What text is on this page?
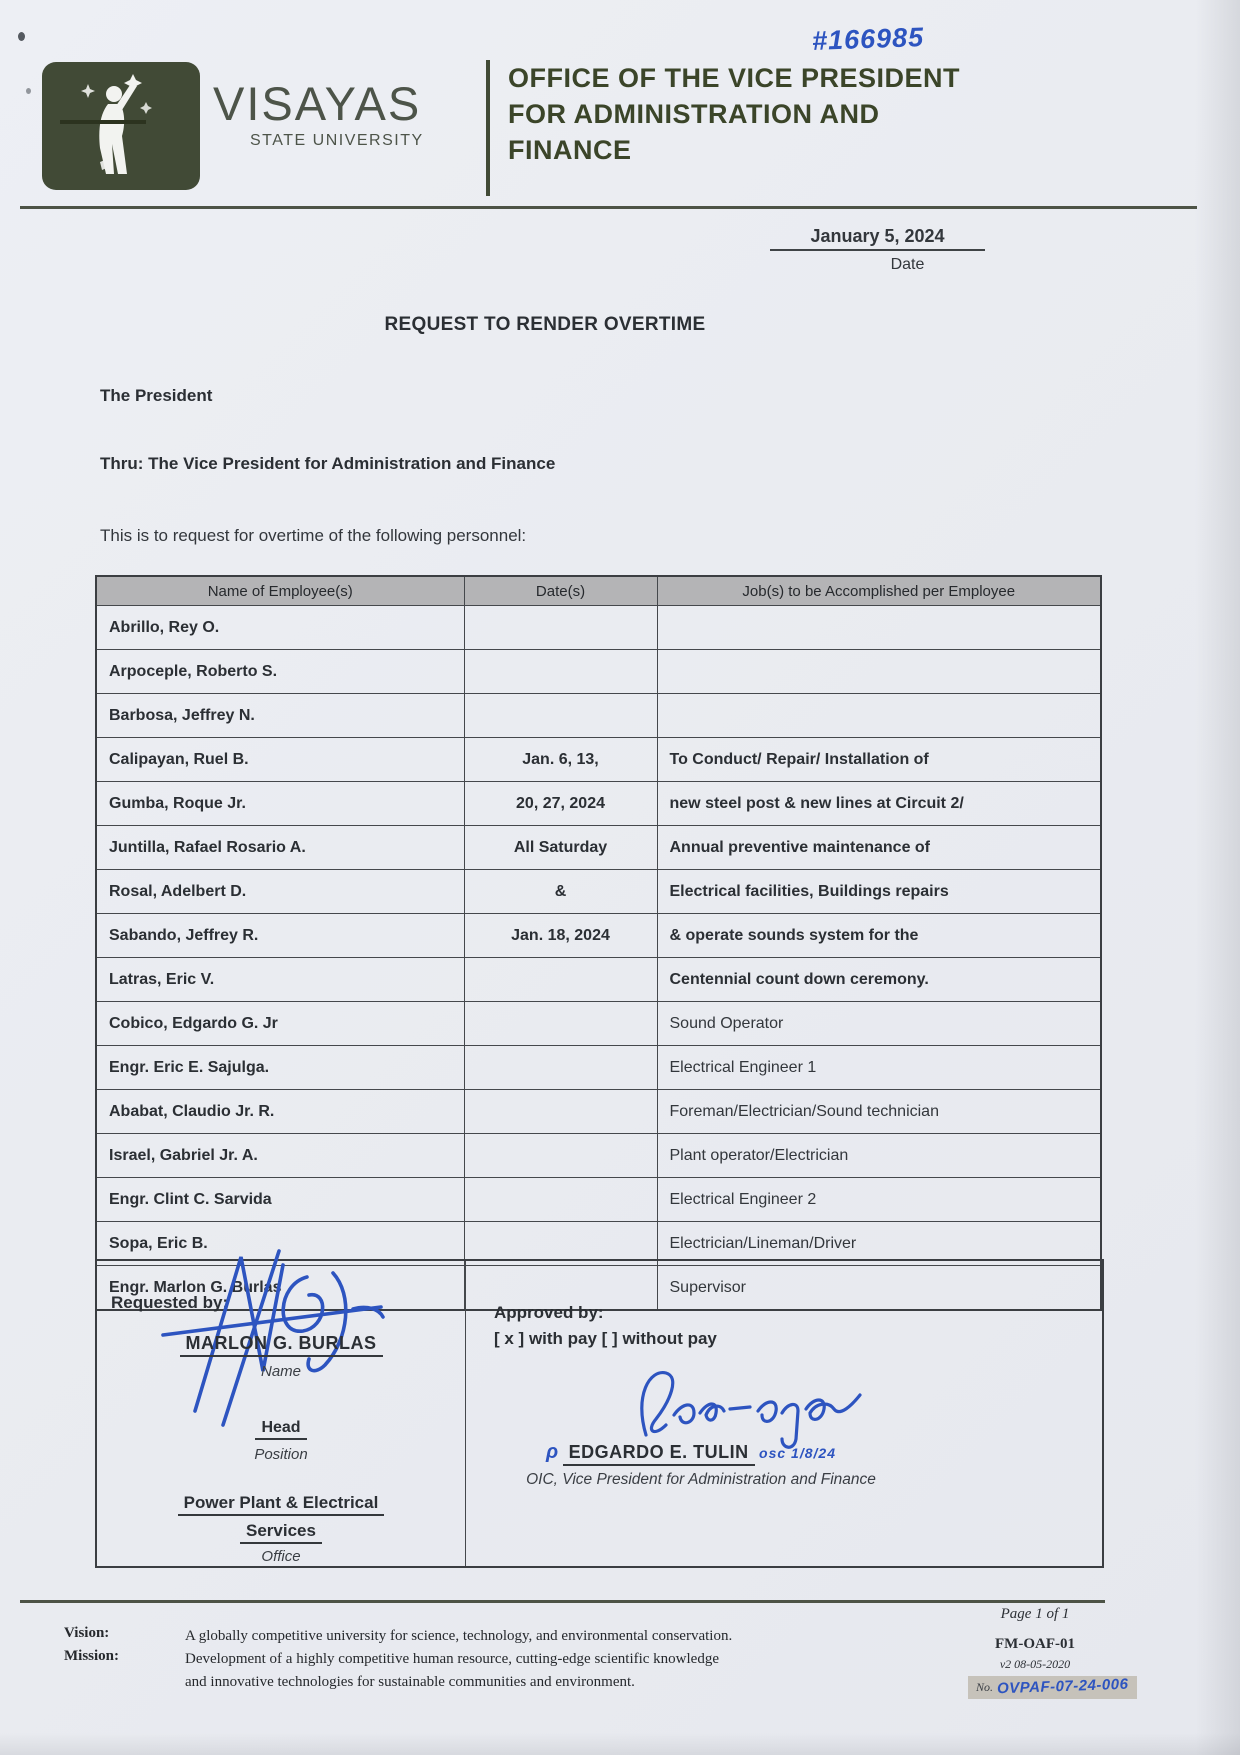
#166985
VISAYAS
STATE UNIVERSITY
OFFICE OF THE VICE PRESIDENT
FOR ADMINISTRATION AND
FINANCE
January 5, 2024
Date
REQUEST TO RENDER OVERTIME
The President
Thru: The Vice President for Administration and Finance
This is to request for overtime of the following personnel:
Name of Employee(s)	Date(s)	Job(s) to be Accomplished per Employee
Abrillo, Rey O.		
Arpoceple, Roberto S.		
Barbosa, Jeffrey N.		
Calipayan, Ruel B.	Jan. 6, 13,	To Conduct/ Repair/ Installation of
Gumba, Roque Jr.	20, 27, 2024	new steel post & new lines at Circuit 2/
Juntilla, Rafael Rosario A.	All Saturday	Annual preventive maintenance of
Rosal, Adelbert D.	&	Electrical facilities, Buildings repairs
Sabando, Jeffrey R.	Jan. 18, 2024	& operate sounds system for the
Latras, Eric V.		Centennial count down ceremony.
Cobico, Edgardo G. Jr		Sound Operator
Engr. Eric E. Sajulga.		Electrical Engineer 1
Ababat, Claudio Jr. R.		Foreman/Electrician/Sound technician
Israel, Gabriel Jr. A.		Plant operator/Electrician
Engr. Clint C. Sarvida		Electrical Engineer 2
Sopa, Eric B.		Electrician/Lineman/Driver
Engr. Marlon G. Burlas		Supervisor
Requested by:
MARLON G. BURLAS
Name
Head
Position
Power Plant & Electrical
Services
Office
Approved by:
[ x ] with pay [ ] without pay
ρ EDGARDO E. TULIN osc 1/8/24
OIC, Vice President for Administration and Finance
Vision:
Mission:
A globally competitive university for science, technology, and environmental conservation.
Development of a highly competitive human resource, cutting-edge scientific knowledge
and innovative technologies for sustainable communities and environment.
Page 1 of 1
FM-OAF-01
v2 08-05-2020
No. OVPAF-07-24-006
